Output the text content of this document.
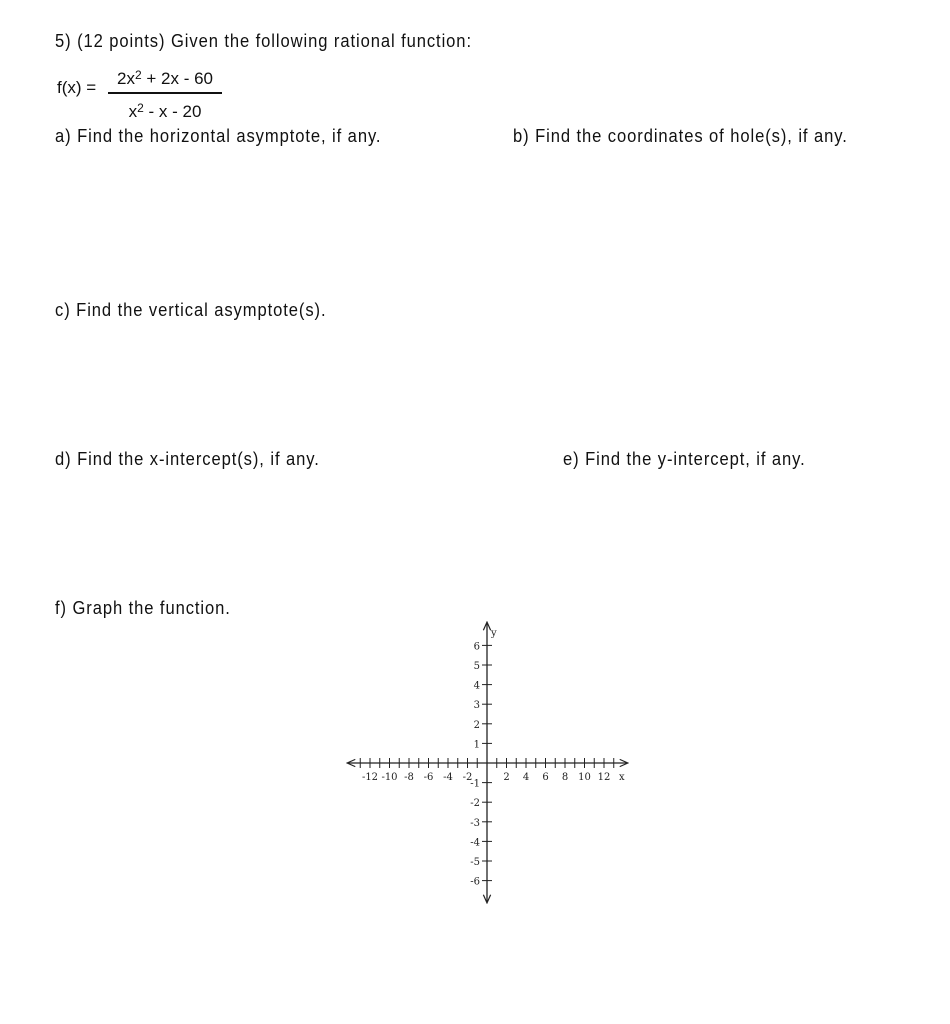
5) (12 points) Given the following rational function:
f(x) =	$2x^2 + 2x - 60$
$x^2$ - x - 20
a) Find the horizontal asymptote, if any.	b) Find the coordinates of hole(s), if any.
c) Find the vertical asymptote(s).
d) Find the x-intercept(s), if any.	e) Find the y-intercept, if any.
f) Graph the function.
-12 -10 -8 -6 -4 -2	2 4 6 8 10 12
-6
-5
-4
-3
-2
-1
1
2
3
4
5
6
y
x
